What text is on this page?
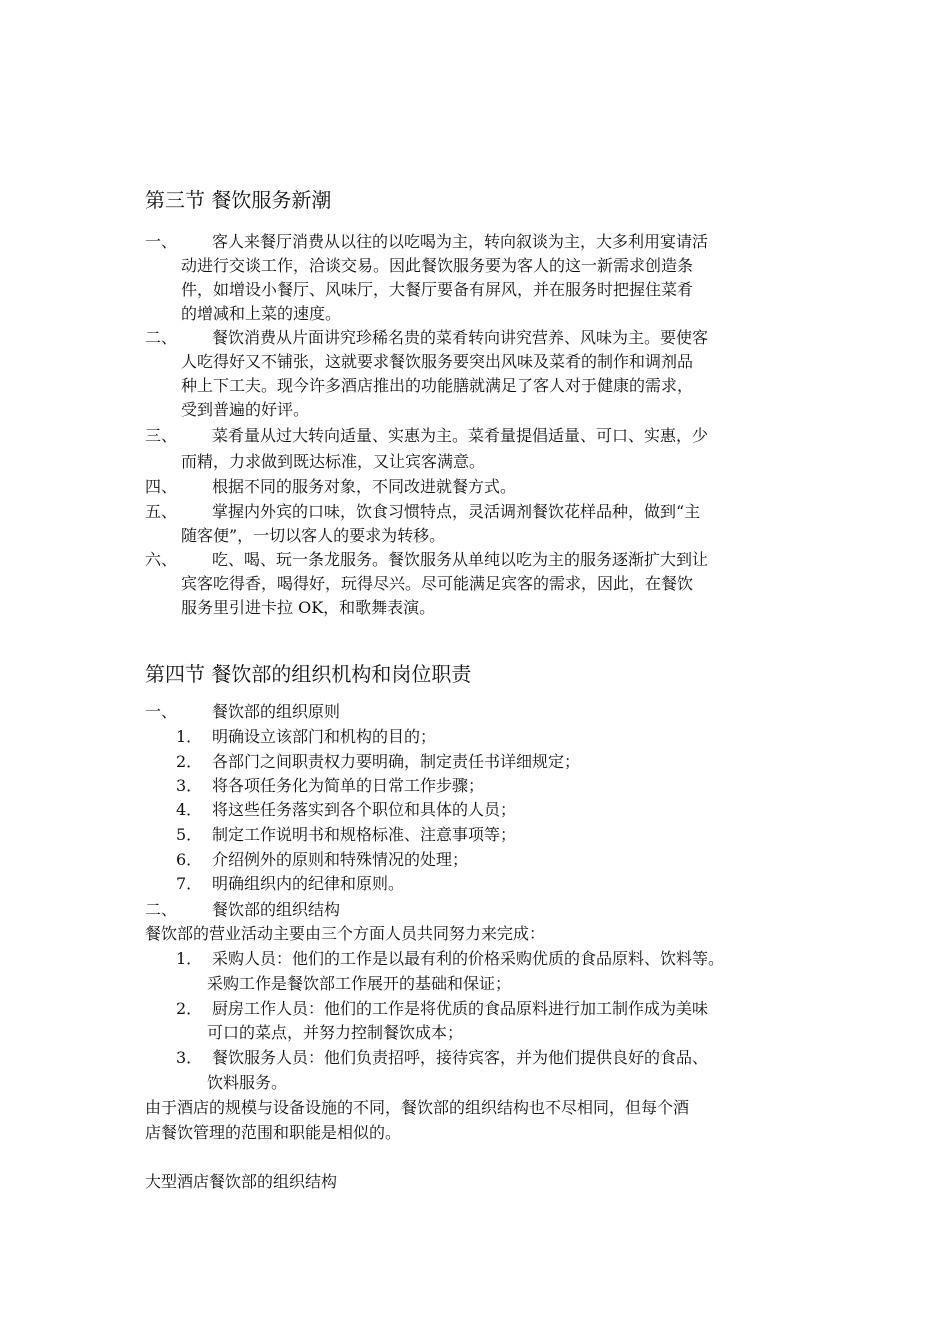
第三节 餐饮服务新潮
一、 客人来餐厅消费从以往的以吃喝为主，转向叙谈为主，大多利用宴请活
动进行交谈工作，洽谈交易。因此餐饮服务要为客人的这一新需求创造条
件，如增设小餐厅、风味厅，大餐厅要备有屏风，并在服务时把握住菜肴
的增减和上菜的速度。
二、 餐饮消费从片面讲究珍稀名贵的菜肴转向讲究营养、风味为主。要使客
人吃得好又不铺张，这就要求餐饮服务要突出风味及菜肴的制作和调剂品
种上下工夫。现今许多酒店推出的功能膳就满足了客人对于健康的需求，
受到普遍的好评。
三、 菜肴量从过大转向适量、实惠为主。菜肴量提倡适量、可口、实惠，少
而精，力求做到既达标准，又让宾客满意。
四、 根据不同的服务对象，不同改进就餐方式。
五、 掌握内外宾的口味，饮食习惯特点，灵活调剂餐饮花样品种，做到“主
随客便”，一切以客人的要求为转移。
六、 吃、喝、玩一条龙服务。餐饮服务从单纯以吃为主的服务逐渐扩大到让
宾客吃得香，喝得好，玩得尽兴。尽可能满足宾客的需求，因此，在餐饮
服务里引进卡拉 OK，和歌舞表演。
第四节 餐饮部的组织机构和岗位职责
一、 餐饮部的组织原则
1． 明确设立该部门和机构的目的；
2． 各部门之间职责权力要明确，制定责任书详细规定；
3． 将各项任务化为简单的日常工作步骤；
4． 将这些任务落实到各个职位和具体的人员；
5． 制定工作说明书和规格标准、注意事项等；
6． 介绍例外的原则和特殊情况的处理；
7． 明确组织内的纪律和原则。
二、 餐饮部的组织结构
餐饮部的营业活动主要由三个方面人员共同努力来完成：
1． 采购人员：他们的工作是以最有利的价格采购优质的食品原料、饮料等。
采购工作是餐饮部工作展开的基础和保证；
2． 厨房工作人员：他们的工作是将优质的食品原料进行加工制作成为美味
可口的菜点，并努力控制餐饮成本；
3． 餐饮服务人员：他们负责招呼，接待宾客，并为他们提供良好的食品、
饮料服务。
由于酒店的规模与设备设施的不同，餐饮部的组织结构也不尽相同，但每个酒
店餐饮管理的范围和职能是相似的。
大型酒店餐饮部的组织结构
